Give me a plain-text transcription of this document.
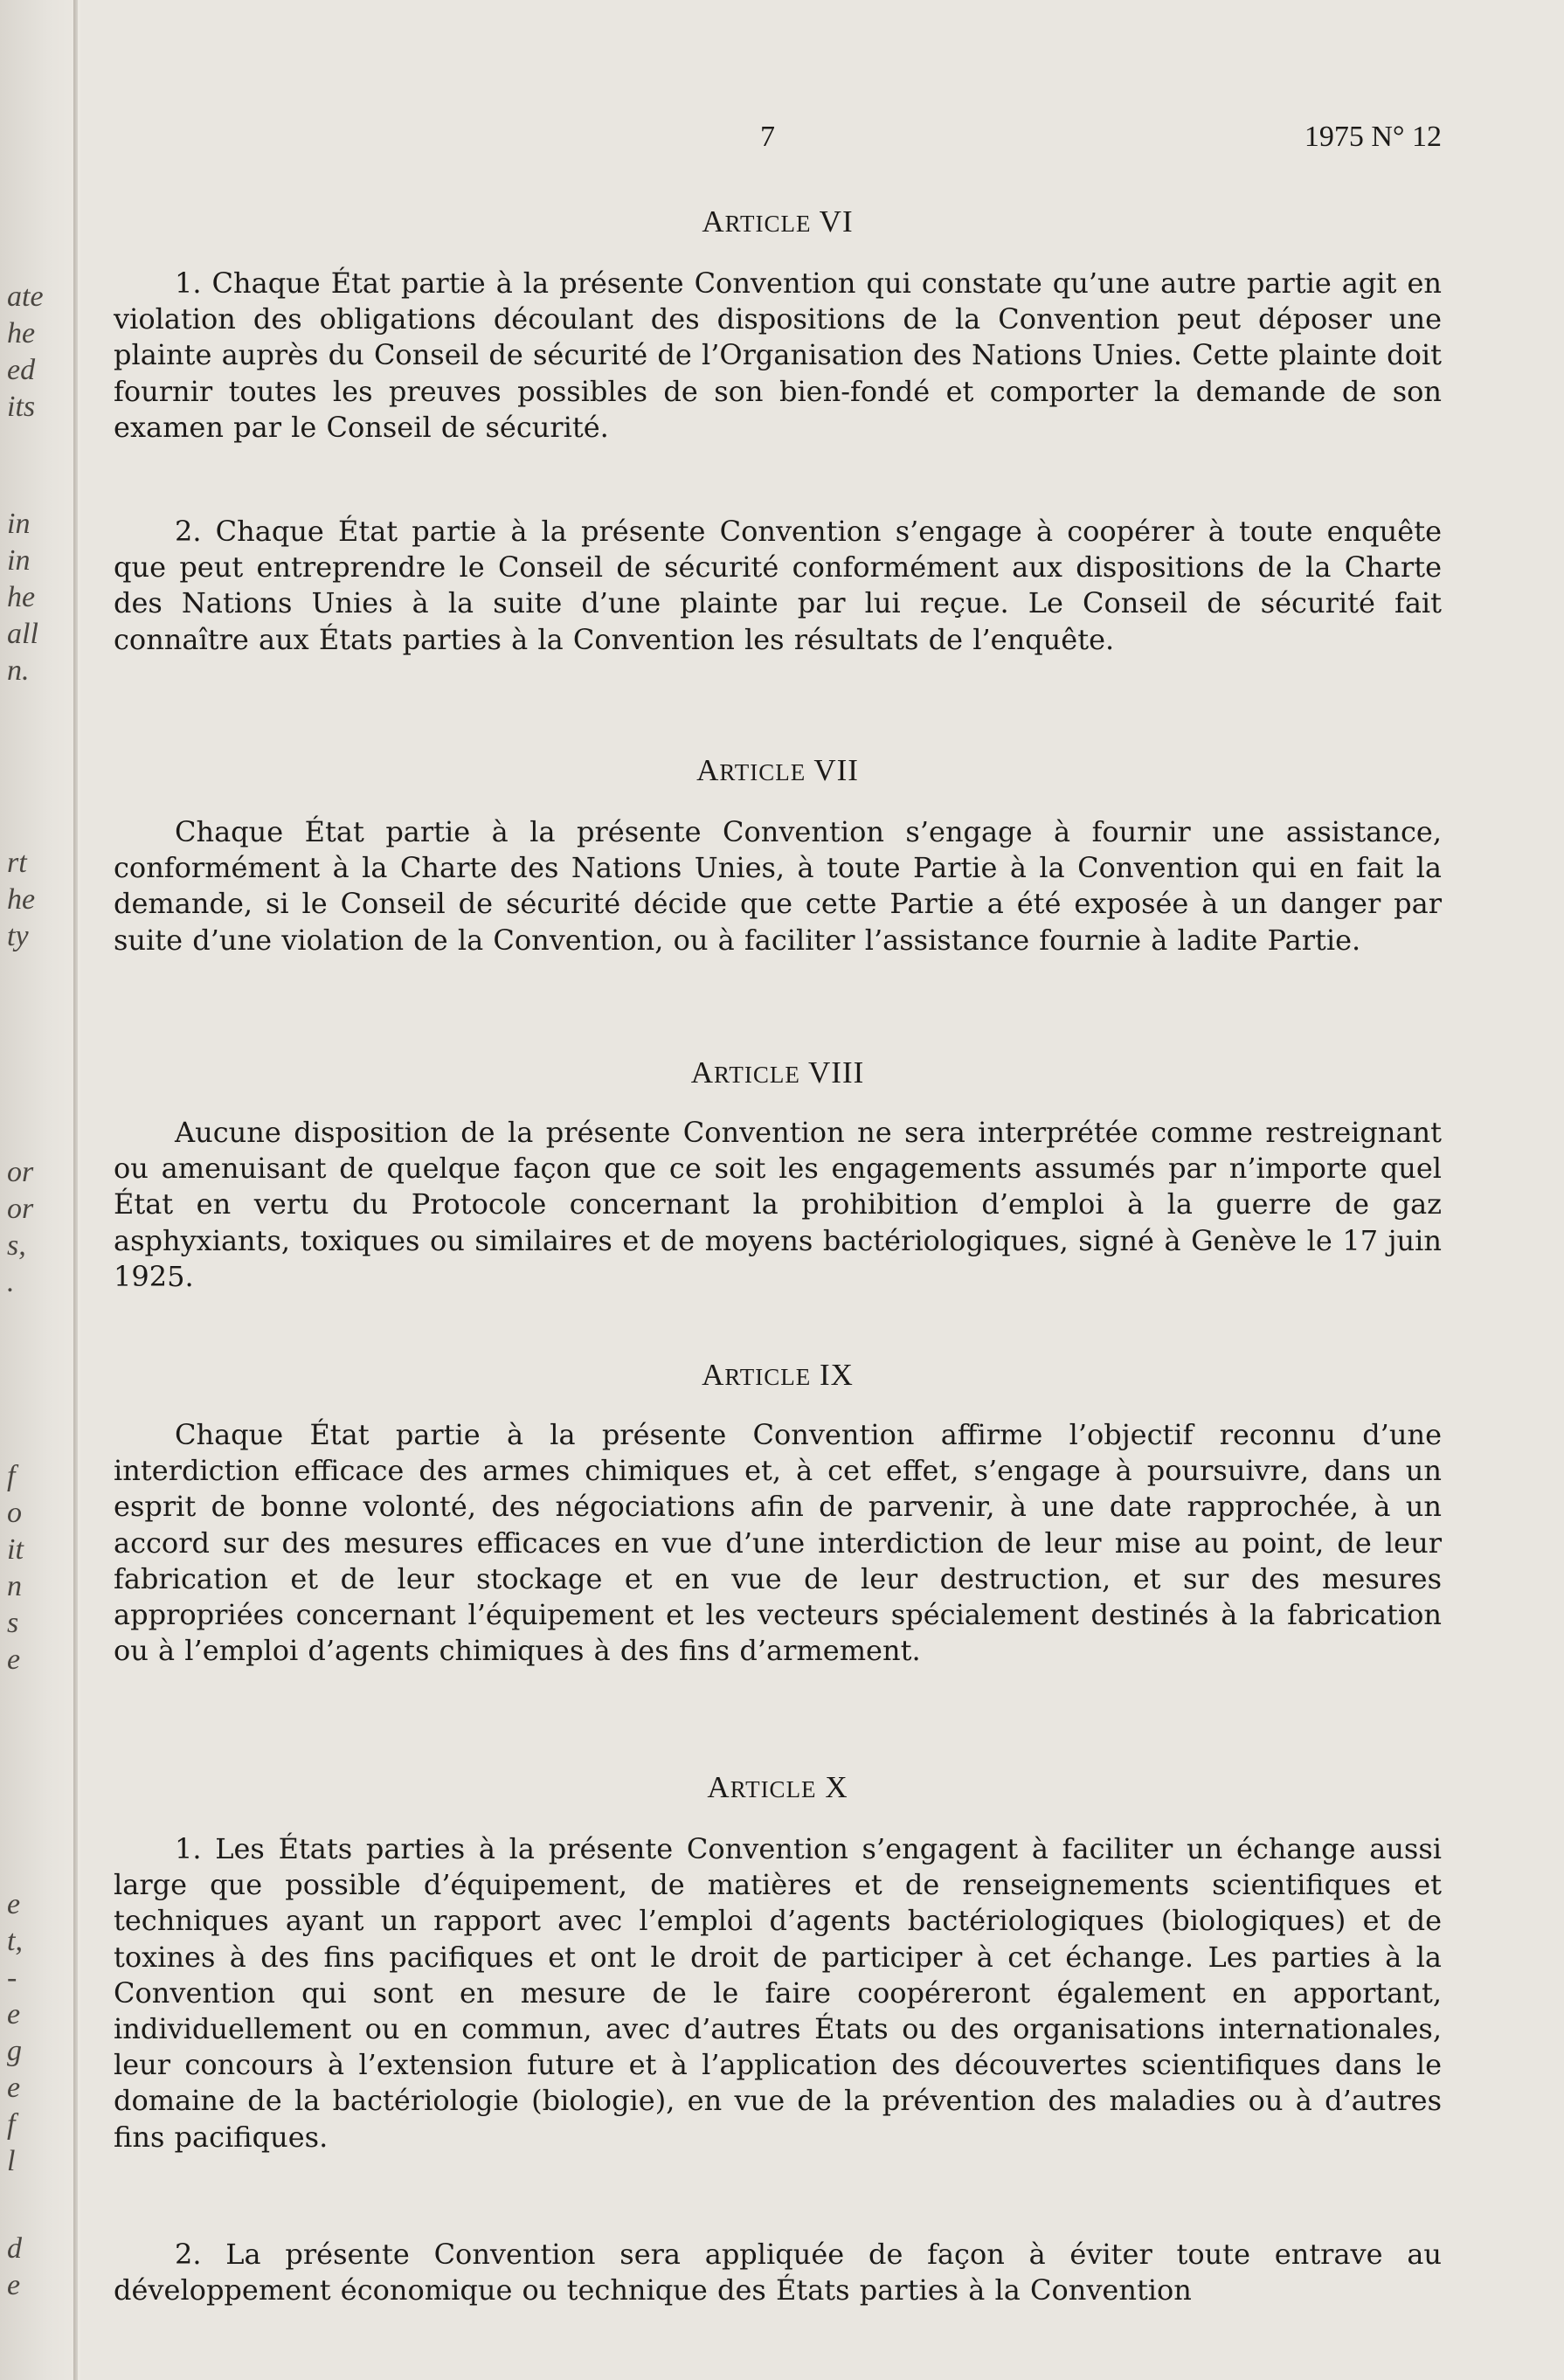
ate
he
ed
its
in
in
he
all
n.
rt
he
ty
or
or
s,
.
f
o
it
n
s
e
e
t,
-
e
g
e
f
l
d
e
7	1975 N° 12
ARTICLE VI

1. Chaque État partie à la présente Convention qui constate qu’une autre partie agit en violation des obligations découlant des dispositions de la Convention peut déposer une plainte auprès du Conseil de sécurité de l’Organisation des Nations Unies. Cette plainte doit fournir toutes les preuves possibles de son bien-fondé et comporter la demande de son examen par le Conseil de sécurité.

2. Chaque État partie à la présente Convention s’engage à coopérer à toute enquête que peut entreprendre le Conseil de sécurité conformément aux dispositions de la Charte des Nations Unies à la suite d’une plainte par lui reçue. Le Conseil de sécurité fait connaître aux États parties à la Convention les résultats de l’enquête.

ARTICLE VII

Chaque État partie à la présente Convention s’engage à fournir une assistance, conformément à la Charte des Nations Unies, à toute Partie à la Convention qui en fait la demande, si le Conseil de sécurité décide que cette Partie a été exposée à un danger par suite d’une violation de la Convention, ou à faciliter l’assistance fournie à ladite Partie.

ARTICLE VIII

Aucune disposition de la présente Convention ne sera interprétée comme restreignant ou amenuisant de quelque façon que ce soit les engagements assumés par n’importe quel État en vertu du Protocole concernant la prohibition d’emploi à la guerre de gaz asphyxiants, toxiques ou similaires et de moyens bactériologiques, signé à Genève le 17 juin 1925.

ARTICLE IX

Chaque État partie à la présente Convention affirme l’objectif reconnu d’une interdiction efficace des armes chimiques et, à cet effet, s’engage à poursuivre, dans un esprit de bonne volonté, des négociations afin de parvenir, à une date rapprochée, à un accord sur des mesures efficaces en vue d’une interdiction de leur mise au point, de leur fabrication et de leur stockage et en vue de leur destruction, et sur des mesures appropriées concernant l’équipement et les vecteurs spécialement destinés à la fabrication ou à l’emploi d’agents chimiques à des fins d’armement.

ARTICLE X

1. Les États parties à la présente Convention s’engagent à faciliter un échange aussi large que possible d’équipement, de matières et de renseignements scientifiques et techniques ayant un rapport avec l’emploi d’agents bactériologiques (biologiques) et de toxines à des fins pacifiques et ont le droit de participer à cet échange. Les parties à la Convention qui sont en mesure de le faire coopéreront également en apportant, individuellement ou en commun, avec d’autres États ou des organisations internationales, leur concours à l’extension future et à l’application des découvertes scientifiques dans le domaine de la bactériologie (biologie), en vue de la prévention des maladies ou à d’autres fins pacifiques.

2. La présente Convention sera appliquée de façon à éviter toute entrave au développement économique ou technique des États parties à la Convention
